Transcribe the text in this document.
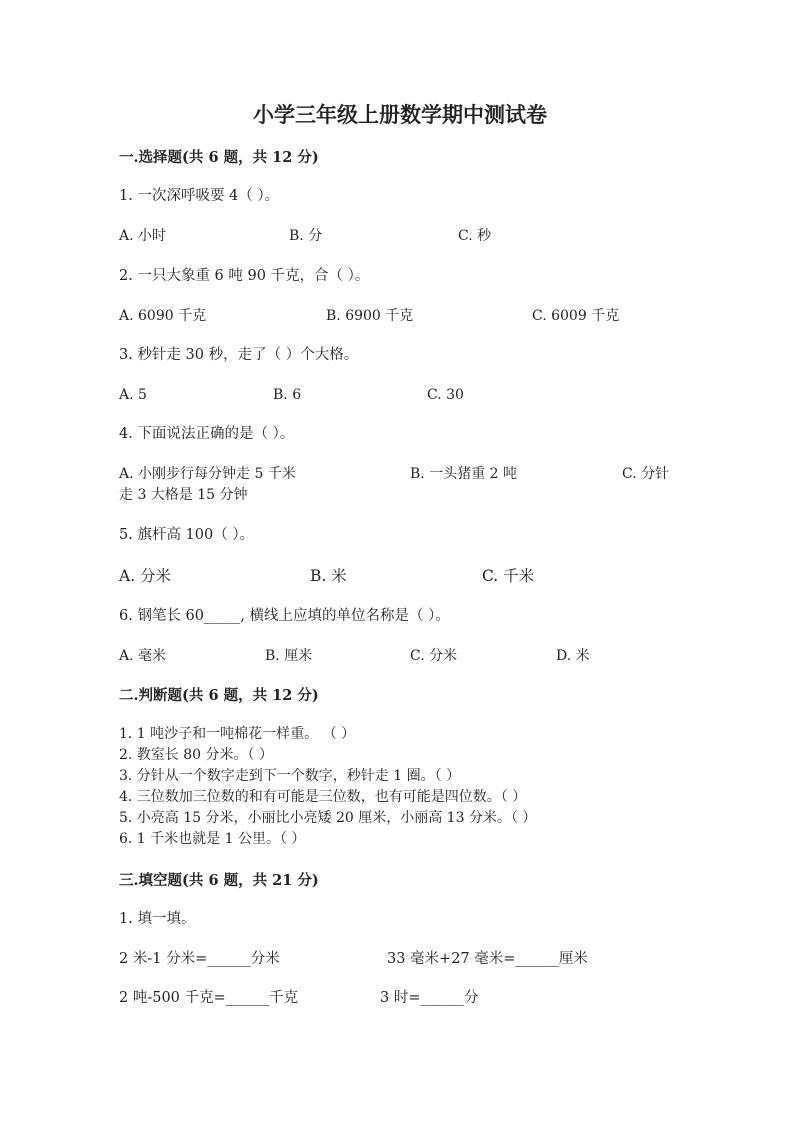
小学三年级上册数学期中测试卷
一.选择题(共 6 题，共 12 分)
1. 一次深呼吸要 4（ ）。
A. 小时	B. 分	C. 秒
2. 一只大象重 6 吨 90 千克，合（ ）。
A. 6090 千克	B. 6900 千克	C. 6009 千克
3. 秒针走 30 秒，走了（ ）个大格。
A. 5	B. 6	C. 30
4. 下面说法正确的是（ ）。
A. 小刚步行每分钟走 5 千米	B. 一头猪重 2 吨	C. 分针
走 3 大格是 15 分钟
5. 旗杆高 100（ ）。
A. 分米	B. 米	C. 千米
6. 钢笔长 60_____, 横线上应填的单位名称是（ ）。
A. 毫米	B. 厘米	C. 分米	D. 米
二.判断题(共 6 题，共 12 分)
1. 1 吨沙子和一吨棉花一样重。 （ ）
2. 教室长 80 分米。（ ）
3. 分针从一个数字走到下一个数字，秒针走 1 圈。（ ）
4. 三位数加三位数的和有可能是三位数，也有可能是四位数。（ ）
5. 小亮高 15 分米，小丽比小亮矮 20 厘米，小丽高 13 分米。（ ）
6. 1 千米也就是 1 公里。（ ）
三.填空题(共 6 题，共 21 分)
1. 填一填。
2 米-1 分米=______分米	33 毫米+27 毫米=______厘米
2 吨-500 千克=______千克	3 时=______分
